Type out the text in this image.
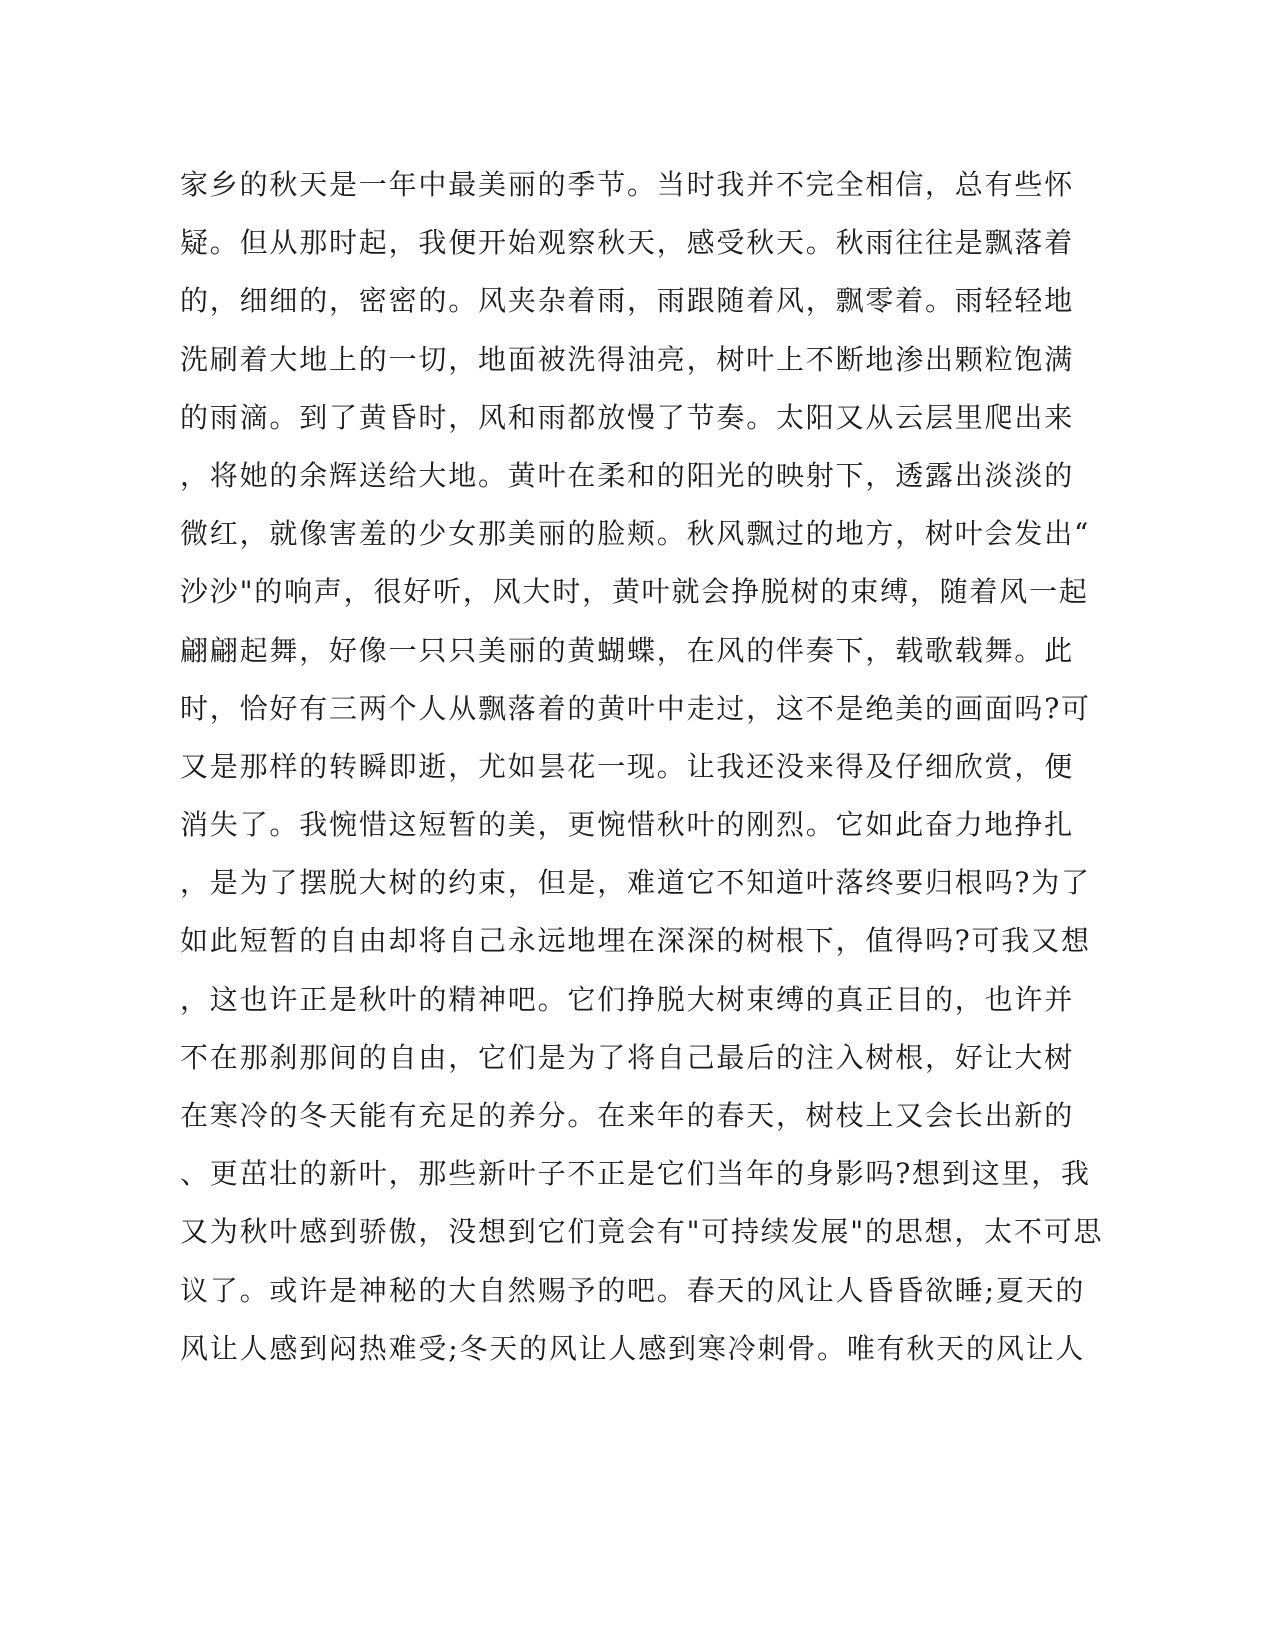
家乡的秋天是一年中最美丽的季节。当时我并不完全相信，总有些怀
疑。但从那时起，我便开始观察秋天，感受秋天。秋雨往往是飘落着
的，细细的，密密的。风夹杂着雨，雨跟随着风，飘零着。雨轻轻地
洗刷着大地上的一切，地面被洗得油亮，树叶上不断地渗出颗粒饱满
的雨滴。到了黄昏时，风和雨都放慢了节奏。太阳又从云层里爬出来
，将她的余辉送给大地。黄叶在柔和的阳光的映射下，透露出淡淡的
微红，就像害羞的少女那美丽的脸颊。秋风飘过的地方，树叶会发出“
沙沙"的响声，很好听，风大时，黄叶就会挣脱树的束缚，随着风一起
翩翩起舞，好像一只只美丽的黄蝴蝶，在风的伴奏下，载歌载舞。此
时，恰好有三两个人从飘落着的黄叶中走过，这不是绝美的画面吗?可
又是那样的转瞬即逝，尤如昙花一现。让我还没来得及仔细欣赏，便
消失了。我惋惜这短暂的美，更惋惜秋叶的刚烈。它如此奋力地挣扎
，是为了摆脱大树的约束，但是，难道它不知道叶落终要归根吗?为了
如此短暂的自由却将自己永远地埋在深深的树根下，值得吗?可我又想
，这也许正是秋叶的精神吧。它们挣脱大树束缚的真正目的，也许并
不在那刹那间的自由，它们是为了将自己最后的注入树根，好让大树
在寒冷的冬天能有充足的养分。在来年的春天，树枝上又会长出新的
、更茁壮的新叶，那些新叶子不正是它们当年的身影吗?想到这里，我
又为秋叶感到骄傲，没想到它们竟会有"可持续发展"的思想，太不可思
议了。或许是神秘的大自然赐予的吧。春天的风让人昏昏欲睡;夏天的
风让人感到闷热难受;冬天的风让人感到寒冷刺骨。唯有秋天的风让人
